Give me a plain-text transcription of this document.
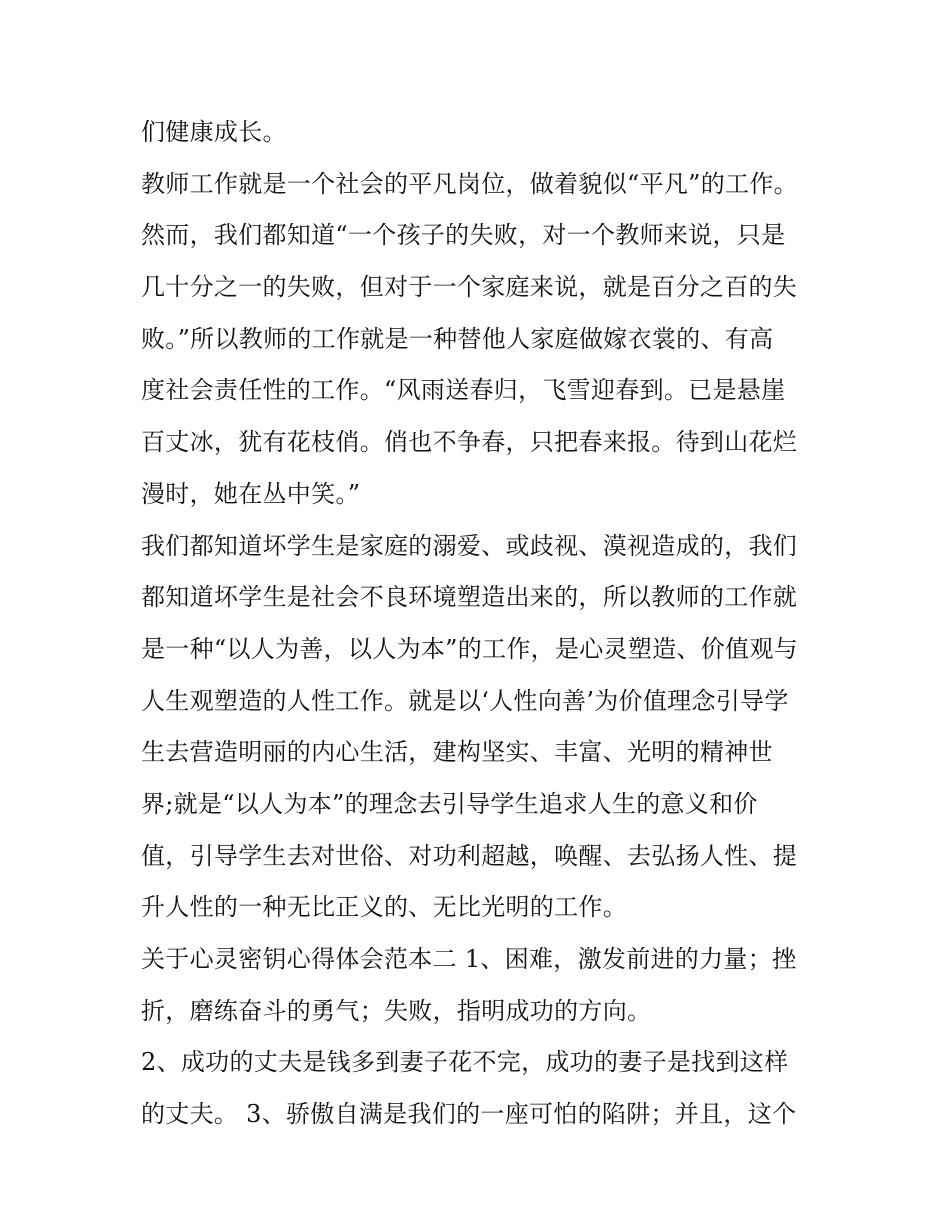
们健康成长。
教师工作就是一个社会的平凡岗位，做着貌似“平凡”的工作。
然而，我们都知道“一个孩子的失败，对一个教师来说，只是
几十分之一的失败，但对于一个家庭来说，就是百分之百的失
败。”所以教师的工作就是一种替他人家庭做嫁衣裳的、有高
度社会责任性的工作。“风雨送春归，飞雪迎春到。已是悬崖
百丈冰，犹有花枝俏。俏也不争春，只把春来报。待到山花烂
漫时，她在丛中笑。”
我们都知道坏学生是家庭的溺爱、或歧视、漠视造成的，我们
都知道坏学生是社会不良环境塑造出来的，所以教师的工作就
是一种“以人为善，以人为本”的工作，是心灵塑造、价值观与
人生观塑造的人性工作。就是以‘人性向善’为价值理念引导学
生去营造明丽的内心生活，建构坚实、丰富、光明的精神世
界;就是“以人为本”的理念去引导学生追求人生的意义和价
值，引导学生去对世俗、对功利超越，唤醒、去弘扬人性、提
升人性的一种无比正义的、无比光明的工作。
关于心灵密钥心得体会范本二 1、困难，激发前进的力量；挫
折，磨练奋斗的勇气；失败，指明成功的方向。
2、成功的丈夫是钱多到妻子花不完，成功的妻子是找到这样
的丈夫。 3、骄傲自满是我们的一座可怕的陷阱；并且，这个
